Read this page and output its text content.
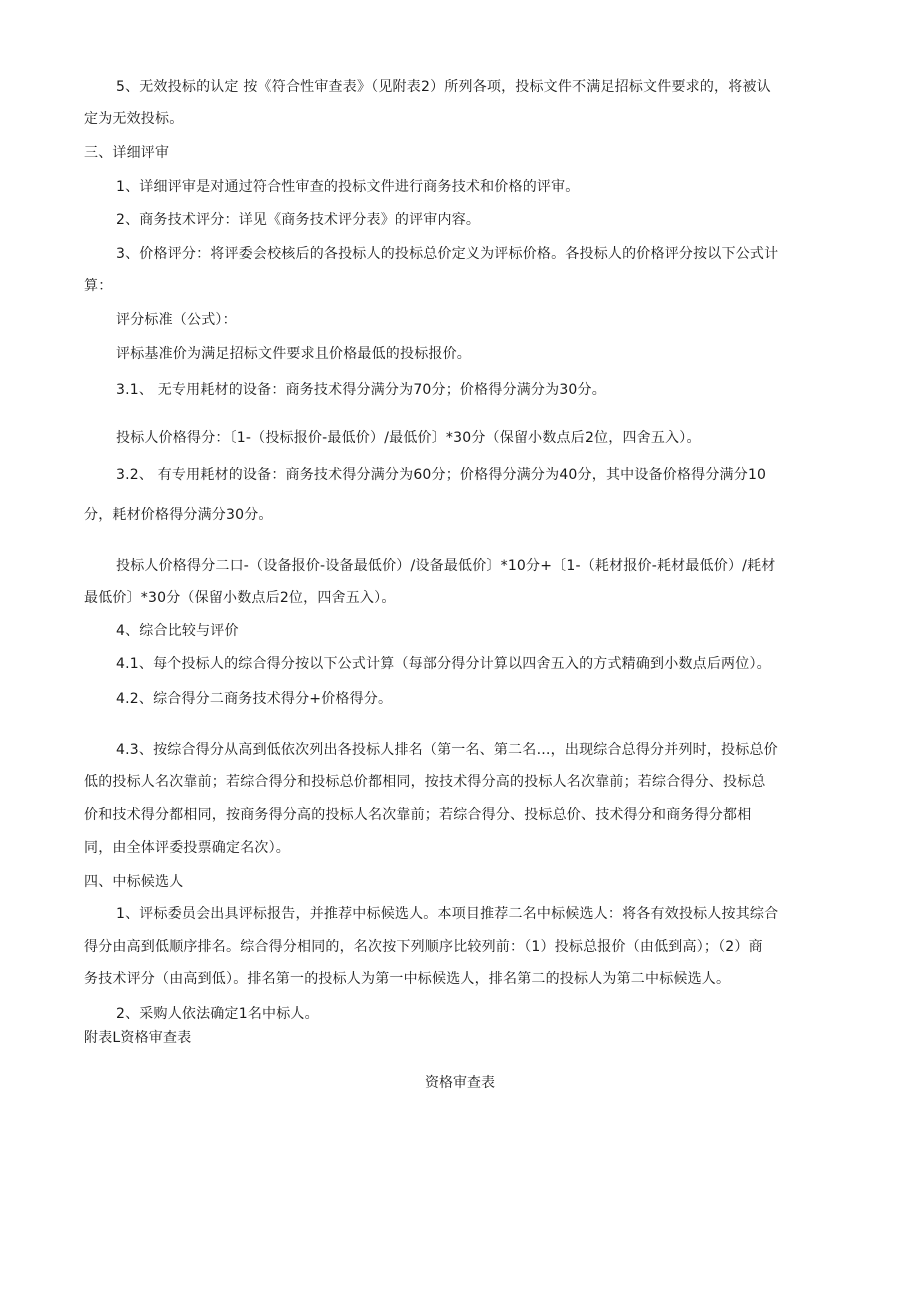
5、无效投标的认定 按《符合性审查表》（见附表2）所列各项，投标文件不满足招标文件要求的，将被认
定为无效投标。
三、详细评审
1、详细评审是对通过符合性审查的投标文件进行商务技术和价格的评审。
2、商务技术评分：详见《商务技术评分表》的评审内容。
3、价格评分：将评委会校核后的各投标人的投标总价定义为评标价格。各投标人的价格评分按以下公式计
算：
评分标准（公式）：
评标基准价为满足招标文件要求且价格最低的投标报价。
3.1、 无专用耗材的设备：商务技术得分满分为70分；价格得分满分为30分。
投标人价格得分：〔1-（投标报价-最低价）/最低价〕*30分（保留小数点后2位，四舍五入）。
3.2、 有专用耗材的设备：商务技术得分满分为60分；价格得分满分为40分，其中设备价格得分满分10
分，耗材价格得分满分30分。
投标人价格得分二口-（设备报价-设备最低价）/设备最低价〕*10分+〔1-（耗材报价-耗材最低价）/耗材
最低价〕*30分（保留小数点后2位，四舍五入）。
4、综合比较与评价
4.1、每个投标人的综合得分按以下公式计算（每部分得分计算以四舍五入的方式精确到小数点后两位）。
4.2、综合得分二商务技术得分+价格得分。
4.3、按综合得分从高到低依次列出各投标人排名（第一名、第二名…，出现综合总得分并列时，投标总价
低的投标人名次靠前；若综合得分和投标总价都相同，按技术得分高的投标人名次靠前；若综合得分、投标总
价和技术得分都相同，按商务得分高的投标人名次靠前；若综合得分、投标总价、技术得分和商务得分都相
同，由全体评委投票确定名次）。
四、中标候选人
1、评标委员会出具评标报告，并推荐中标候选人。本项目推荐二名中标候选人：将各有效投标人按其综合
得分由高到低顺序排名。综合得分相同的，名次按下列顺序比较列前：（1）投标总报价（由低到高）；（2）商
务技术评分（由高到低）。排名第一的投标人为第一中标候选人，排名第二的投标人为第二中标候选人。
2、采购人依法确定1名中标人。
附表L资格审查表
资格审查表
